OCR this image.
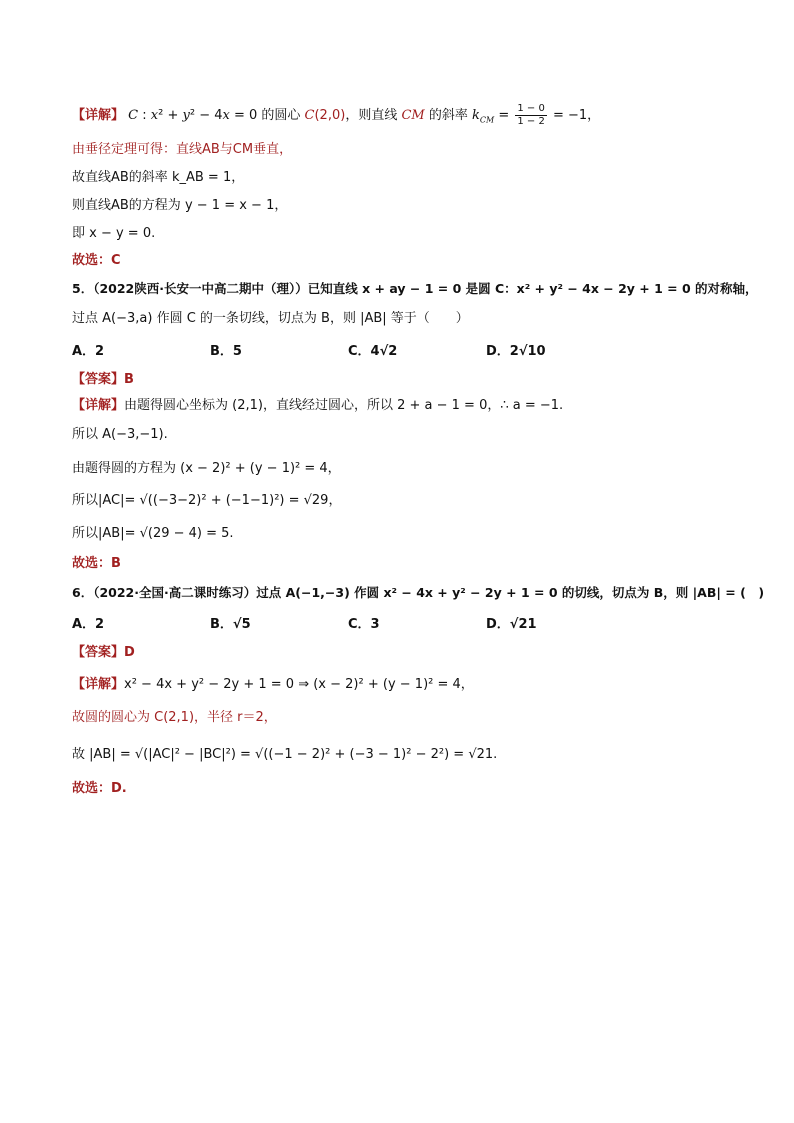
【详解】 C : x² + y² − 4x = 0 的圆心 C(2,0)，则直线 CM 的斜率 $k_{CM} = \frac{1 - 0}{1 - 2} = -1$，
由垂径定理可得：直线AB与CM垂直，
故直线AB的斜率 k_AB = 1，
则直线AB的方程为 y − 1 = x − 1，
即 x − y = 0.
故选：C
5．（2022陕西·长安一中高二期中（理））已知直线 x + ay − 1 = 0 是圆 C：x² + y² − 4x − 2y + 1 = 0 的对称轴，
过点 A(−3,a) 作圆 C 的一条切线，切点为 B，则 |AB| 等于（　　）
A．2	B．5	C．4√2	D．2√10
【答案】B
【详解】由题得圆心坐标为 (2,1)，直线经过圆心，所以 2 + a − 1 = 0，∴ a = −1.
所以 A(−3,−1).
由题得圆的方程为 (x − 2)² + (y − 1)² = 4，
所以|AC|= √((−3−2)² + (−1−1)²) = √29，
所以|AB|= √(29 − 4) = 5.
故选：B
6．（2022·全国·高二课时练习）过点 A(−1,−3) 作圆 x² − 4x + y² − 2y + 1 = 0 的切线，切点为 B，则 |AB| = (　)
A．2	B．√5	C．3	D．√21
【答案】D
【详解】x² − 4x + y² − 2y + 1 = 0 ⇒ (x − 2)² + (y − 1)² = 4，
故圆的圆心为 C(2,1)，半径 r＝2，
故 |AB| = √(|AC|² − |BC|²) = √((−1 − 2)² + (−3 − 1)² − 2²) = √21.
故选：D.
